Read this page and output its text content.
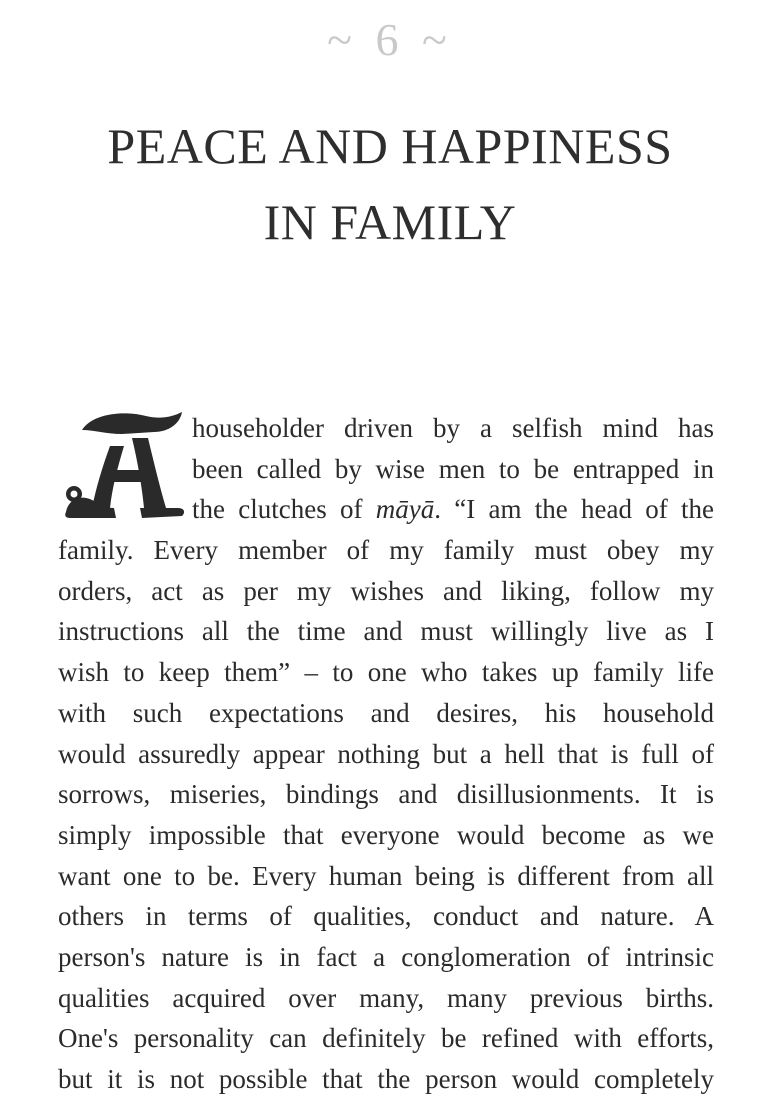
~ 6 ~
PEACE AND HAPPINESS
IN FAMILY
householder driven by a selfish mind has
been called by wise men to be entrapped in
the clutches of māyā. “I am the head of the
family. Every member of my family must obey my
orders, act as per my wishes and liking, follow my
instructions all the time and must willingly live as I
wish to keep them” – to one who takes up family life
with such expectations and desires, his household
would assuredly appear nothing but a hell that is full of
sorrows, miseries, bindings and disillusionments. It is
simply impossible that everyone would become as we
want one to be. Every human being is different from all
others in terms of qualities, conduct and nature. A
person's nature is in fact a conglomeration of intrinsic
qualities acquired over many, many previous births.
One's personality can definitely be refined with efforts,
but it is not possible that the person would completely
